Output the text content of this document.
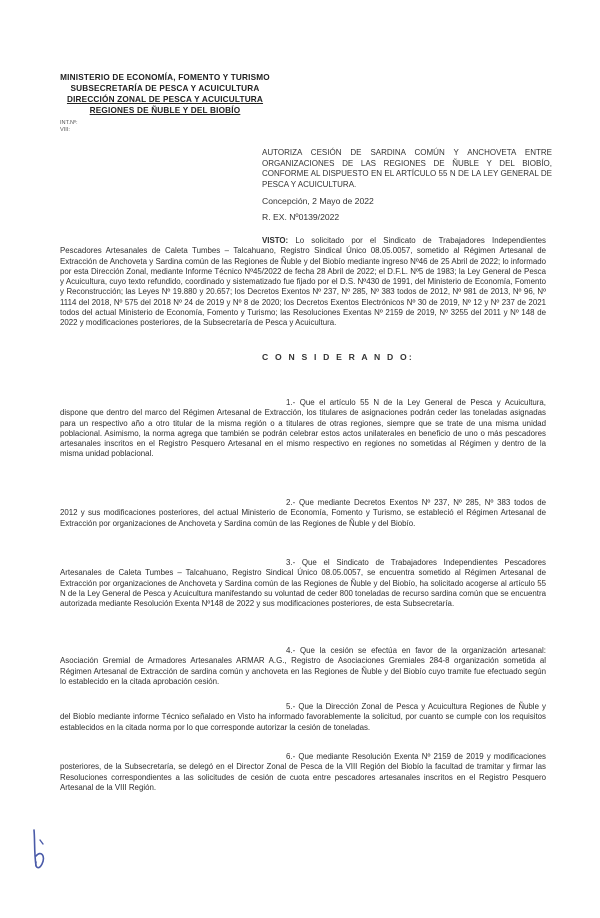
MINISTERIO DE ECONOMÍA, FOMENTO Y TURISMO
SUBSECRETARÍA DE PESCA Y ACUICULTURA
DIRECCIÓN ZONAL DE PESCA Y ACUICULTURA
REGIONES DE ÑUBLE Y DEL BIOBÍO
INT.Nº:
VIII:
AUTORIZA CESIÓN DE SARDINA COMÚN Y ANCHOVETA ENTRE ORGANIZACIONES DE LAS REGIONES DE ÑUBLE Y DEL BIOBÍO, CONFORME AL DISPUESTO EN EL ARTÍCULO 55 N DE LA LEY GENERAL DE PESCA Y ACUICULTURA.
Concepción, 2 Mayo de 2022
R. EX. Nº0139/2022
VISTO: Lo solicitado por el Sindicato de Trabajadores Independientes Pescadores Artesanales de Caleta Tumbes – Talcahuano, Registro Sindical Único 08.05.0057, sometido al Régimen Artesanal de Extracción de Anchoveta y Sardina común de las Regiones de Ñuble y del Biobío mediante ingreso Nº46 de 25 Abril de 2022; lo informado por esta Dirección Zonal, mediante Informe Técnico Nº45/2022 de fecha 28 Abril de 2022; el D.F.L. Nº5 de 1983; la Ley General de Pesca y Acuicultura, cuyo texto refundido, coordinado y sistematizado fue fijado por el D.S. Nº430 de 1991, del Ministerio de Economía, Fomento y Reconstrucción; las Leyes Nº 19.880 y 20.657; los Decretos Exentos Nº 237, Nº 285, Nº 383 todos de 2012, Nº 981 de 2013, Nº 96, Nº 1114 del 2018, Nº 575 del 2018 Nº 24 de 2019 y Nº 8 de 2020; los Decretos Exentos Electrónicos Nº 30 de 2019, Nº 12 y Nº 237 de 2021 todos del actual Ministerio de Economía, Fomento y Turismo; las Resoluciones Exentas Nº 2159 de 2019, Nº 3255 del 2011 y Nº 148 de 2022 y modificaciones posteriores, de la Subsecretaría de Pesca y Acuicultura.
C O N S I D E R A N D O:
1.- Que el artículo 55 N de la Ley General de Pesca y Acuicultura, dispone que dentro del marco del Régimen Artesanal de Extracción, los titulares de asignaciones podrán ceder las toneladas asignadas para un respectivo año a otro titular de la misma región o a titulares de otras regiones, siempre que se trate de una misma unidad poblacional. Asimismo, la norma agrega que también se podrán celebrar estos actos unilaterales en beneficio de uno o más pescadores artesanales inscritos en el Registro Pesquero Artesanal en el mismo respectivo en regiones no sometidas al Régimen y dentro de la misma unidad poblacional.
2.- Que mediante Decretos Exentos Nº 237, Nº 285, Nº 383 todos de 2012 y sus modificaciones posteriores, del actual Ministerio de Economía, Fomento y Turismo, se estableció el Régimen Artesanal de Extracción por organizaciones de Anchoveta y Sardina común de las Regiones de Ñuble y del Biobío.
3.- Que el Sindicato de Trabajadores Independientes Pescadores Artesanales de Caleta Tumbes – Talcahuano, Registro Sindical Único 08.05.0057, se encuentra sometido al Régimen Artesanal de Extracción por organizaciones de Anchoveta y Sardina común de las Regiones de Ñuble y del Biobío, ha solicitado acogerse al artículo 55 N de la Ley General de Pesca y Acuicultura manifestando su voluntad de ceder 800 toneladas de recurso sardina común que se encuentra autorizada mediante Resolución Exenta Nº148 de 2022 y sus modificaciones posteriores, de esta Subsecretaría.
4.- Que la cesión se efectúa en favor de la organización artesanal: Asociación Gremial de Armadores Artesanales ARMAR A.G., Registro de Asociaciones Gremiales 284-8 organización sometida al Régimen Artesanal de Extracción de sardina común y anchoveta en las Regiones de Ñuble y del Biobío cuyo tramite fue efectuado según lo establecido en la citada aprobación cesión.
5.- Que la Dirección Zonal de Pesca y Acuicultura Regiones de Ñuble y del Biobío mediante informe Técnico señalado en Visto ha informado favorablemente la solicitud, por cuanto se cumple con los requisitos establecidos en la citada norma por lo que corresponde autorizar la cesión de toneladas.
6.- Que mediante Resolución Exenta Nº 2159 de 2019 y modificaciones posteriores, de la Subsecretaría, se delegó en el Director Zonal de Pesca de la VIII Región del Biobío la facultad de tramitar y firmar las Resoluciones correspondientes a las solicitudes de cesión de cuota entre pescadores artesanales inscritos en el Registro Pesquero Artesanal de la VIII Región.
